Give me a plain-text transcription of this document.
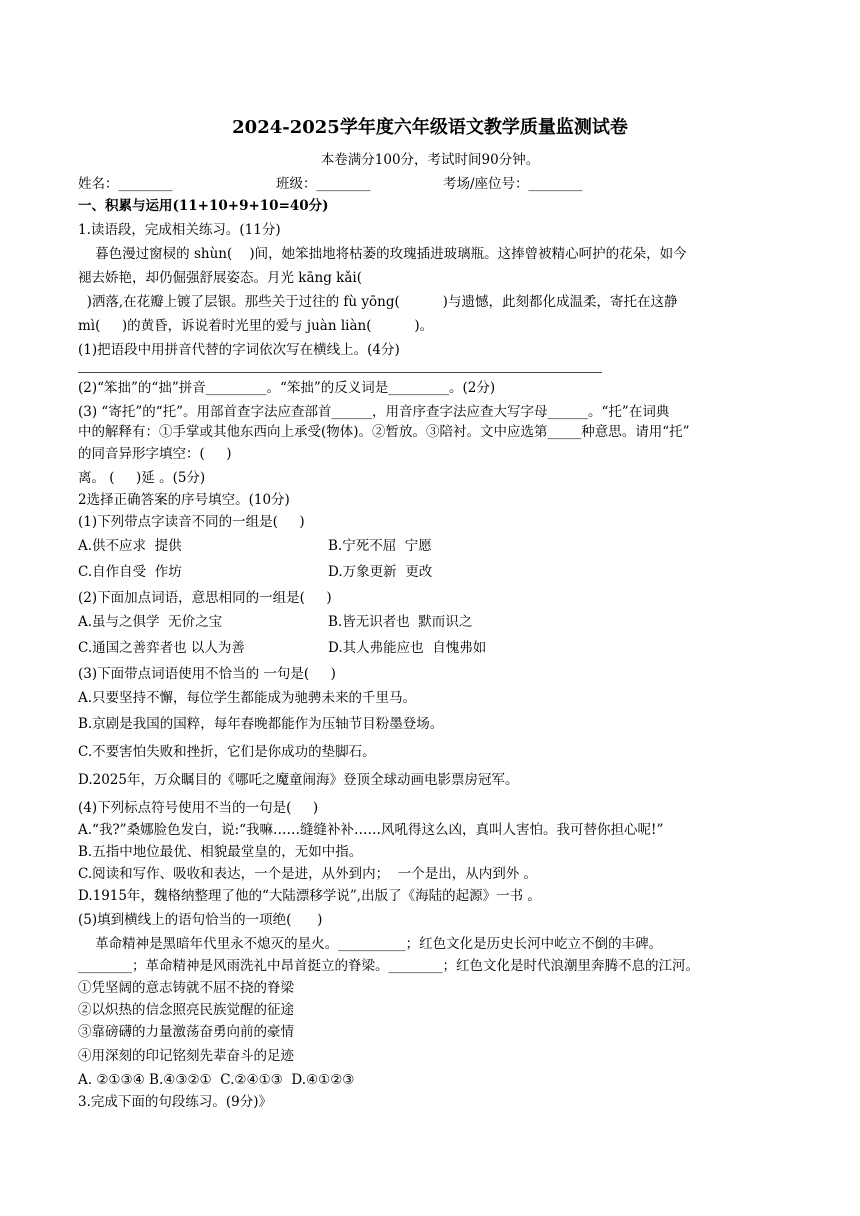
2024-2025学年度六年级语文教学质量监测试卷
本卷满分100分，考试时间90分钟。
姓名：________	班级：________	考场/座位号：________
一、积累与运用(11+10+9+10=40分)
1.读语段，完成相关练习。(11分)
暮色漫过窗棂的 shùn(    )间，她笨拙地将枯萎的玫瑰插进玻璃瓶。这捧曾被精心呵护的花朵，如今
褪去娇艳，却仍倔强舒展姿态。月光 kāng kǎi(
)洒落,在花瓣上镀了层银。那些关于过往的 fù yōng(          )与遗憾，此刻都化成温柔，寄托在这静
mì(     )的黄昏，诉说着时光里的爱与 juàn liàn(          )。
(1)把语段中用拼音代替的字词依次写在横线上。(4分)
(2)“笨拙”的“拙”拼音_________。“笨拙”的反义词是_________。(2分)
(3) “寄托”的“托”。用部首查字法应查部首______，用音序查字法应查大写字母______。“托”在词典
中的解释有：①手掌或其他东西向上承受(物体)。②暂放。③陪衬。文中应选第_____种意思。请用“托”
的同音异形字填空：(     )
离。 (     )延 。(5分)
2选择正确答案的序号填空。(10分)
(1)下列带点字读音不同的一组是(     )
A.供不应求  提供	B.宁死不屈  宁愿
C.自作自受  作坊	D.万象更新  更改
(2)下面加点词语，意思相同的一组是(     )
A.虽与之俱学  无价之宝	B.皆无识者也  默而识之
C.通国之善弈者也 以人为善	D.其人弗能应也  自愧弗如
(3)下面带点词语使用不恰当的 一句是(     )
A.只要坚持不懈，每位学生都能成为驰骋未来的千里马。
B.京剧是我国的国粹，每年春晚都能作为压轴节目粉墨登场。
C.不要害怕失败和挫折，它们是你成功的垫脚石。
D.2025年，万众瞩目的《哪吒之魔童闹海》登顶全球动画电影票房冠军。
(4)下列标点符号使用不当的一句是(     )
A.“我?”桑娜脸色发白，说:“我嘛……缝缝补补……风吼得这么凶，真叫人害怕。我可替你担心呢!”
B.五指中地位最优、相貌最堂皇的，无如中指。
C.阅读和写作、吸收和表达，一个是进，从外到内；  一个是出，从内到外 。
D.1915年，魏格纳整理了他的“大陆漂移学说”,出版了《海陆的起源》一书 。
(5)填到横线上的语句恰当的一项绝(      )
革命精神是黑暗年代里永不熄灭的星火。__________；红色文化是历史长河中屹立不倒的丰碑。
________；革命精神是风雨洗礼中昂首挺立的脊梁。________；红色文化是时代浪潮里奔腾不息的江河。
①凭坚阔的意志铸就不屈不挠的脊梁
②以炽热的信念照亮民族觉醒的征途
③靠磅礴的力量激荡奋勇向前的豪情
④用深刻的印记铭刻先辈奋斗的足迹
A. ②①③④ B.④③②①  C.②④①③  D.④①②③
3.完成下面的句段练习。(9分)》
